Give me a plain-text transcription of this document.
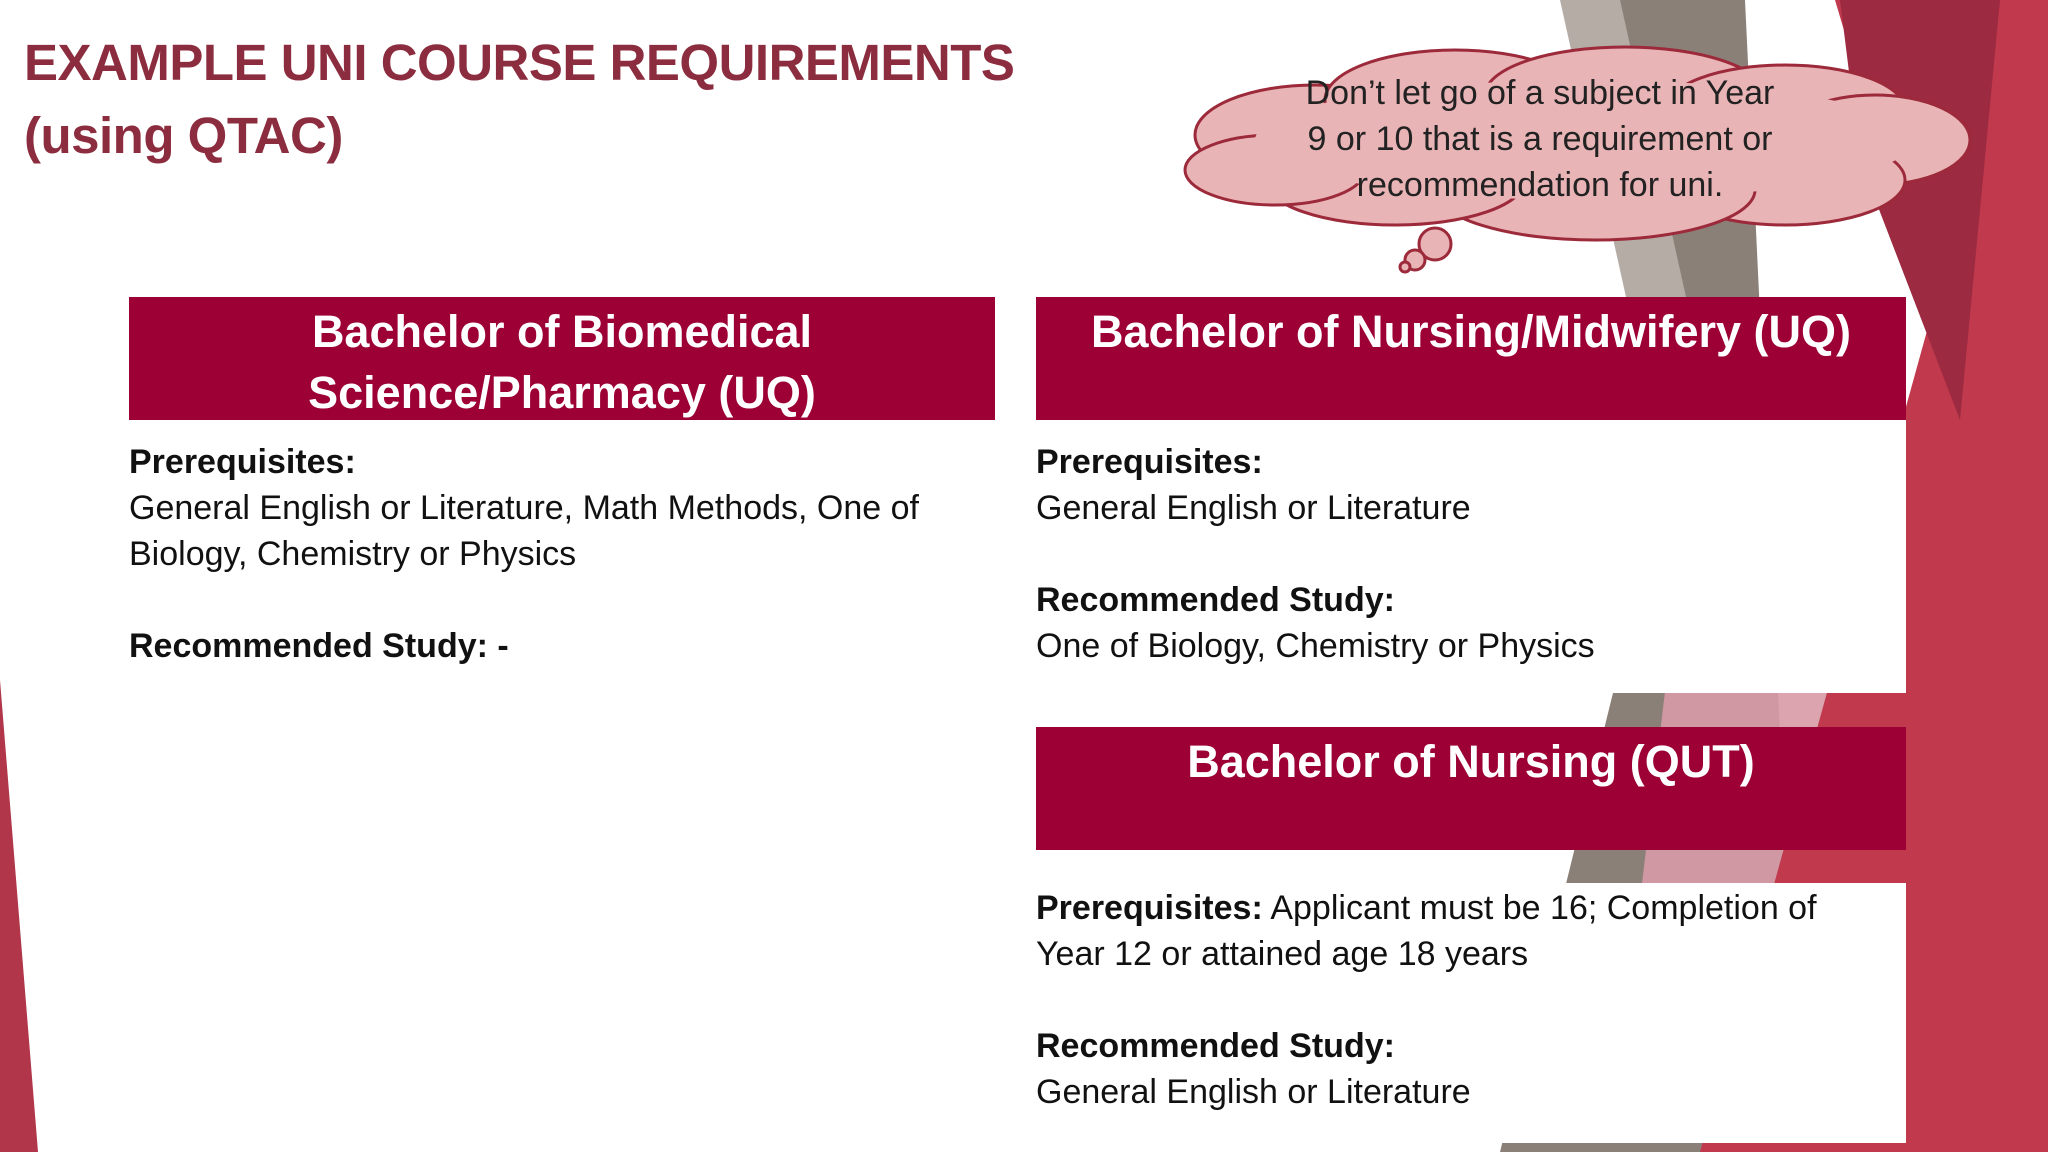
EXAMPLE UNI COURSE REQUIREMENTS
(using QTAC)
Don’t let go of a subject in Year
9 or 10 that is a requirement or
recommendation for uni.
Bachelor of Biomedical
Science/Pharmacy (UQ)
Prerequisites:
General English or Literature, Math Methods, One of
Biology, Chemistry or Physics
Recommended Study: -
Bachelor of Nursing/Midwifery (UQ)
Prerequisites:
General English or Literature
Recommended Study:
One of Biology, Chemistry or Physics
Bachelor of Nursing (QUT)
Prerequisites: Applicant must be 16; Completion of
Year 12 or attained age 18 years
Recommended Study:
General English or Literature
